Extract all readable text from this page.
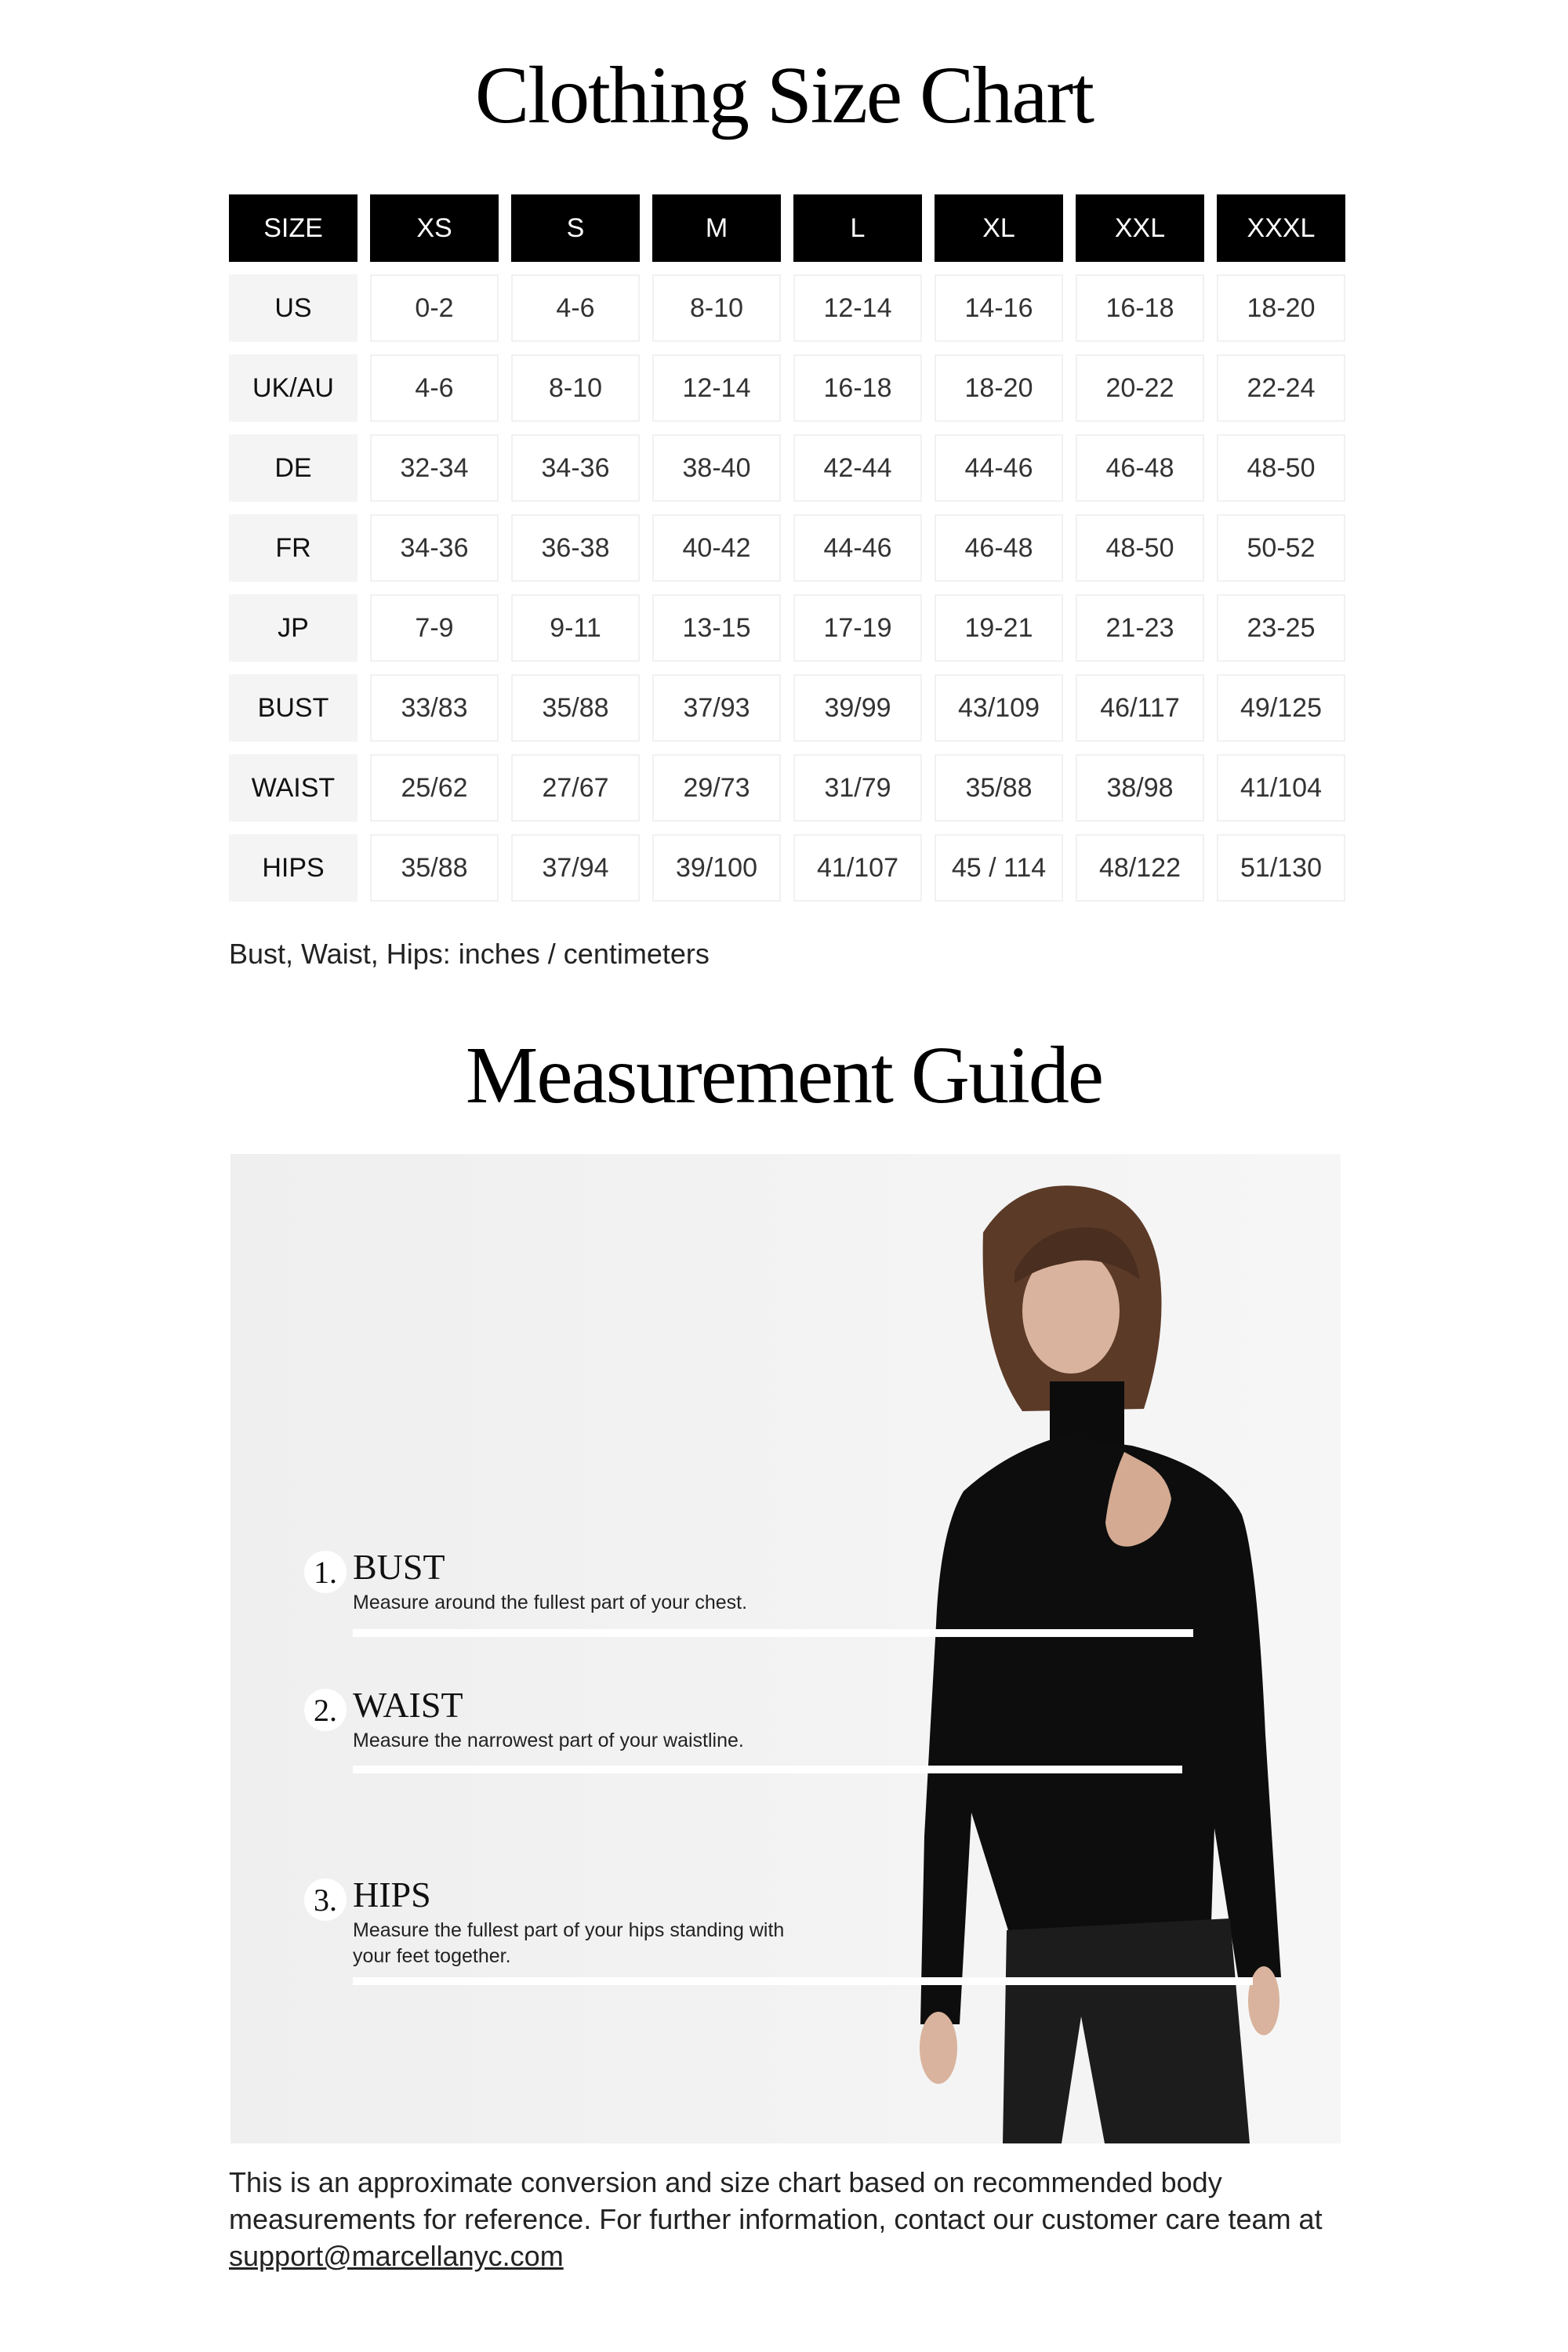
Clothing Size Chart
SIZE	XS	S	M	L	XL	XXL	XXXL
US	0-2	4-6	8-10	12-14	14-16	16-18	18-20
UK/AU	4-6	8-10	12-14	16-18	18-20	20-22	22-24
DE	32-34	34-36	38-40	42-44	44-46	46-48	48-50
FR	34-36	36-38	40-42	44-46	46-48	48-50	50-52
JP	7-9	9-11	13-15	17-19	19-21	21-23	23-25
BUST	33/83	35/88	37/93	39/99	43/109	46/117	49/125
WAIST	25/62	27/67	29/73	31/79	35/88	38/98	41/104
HIPS	35/88	37/94	39/100	41/107	45 / 114	48/122	51/130
Bust, Waist, Hips: inches / centimeters
Measurement Guide
1. BUST
Measure around the fullest part of your chest.
2. WAIST
Measure the narrowest part of your waistline.
3. HIPS
Measure the fullest part of your hips standing with your feet together.
This is an approximate conversion and size chart based on recommended body measurements for reference. For further information, contact our customer care team at support@marcellanyc.com
